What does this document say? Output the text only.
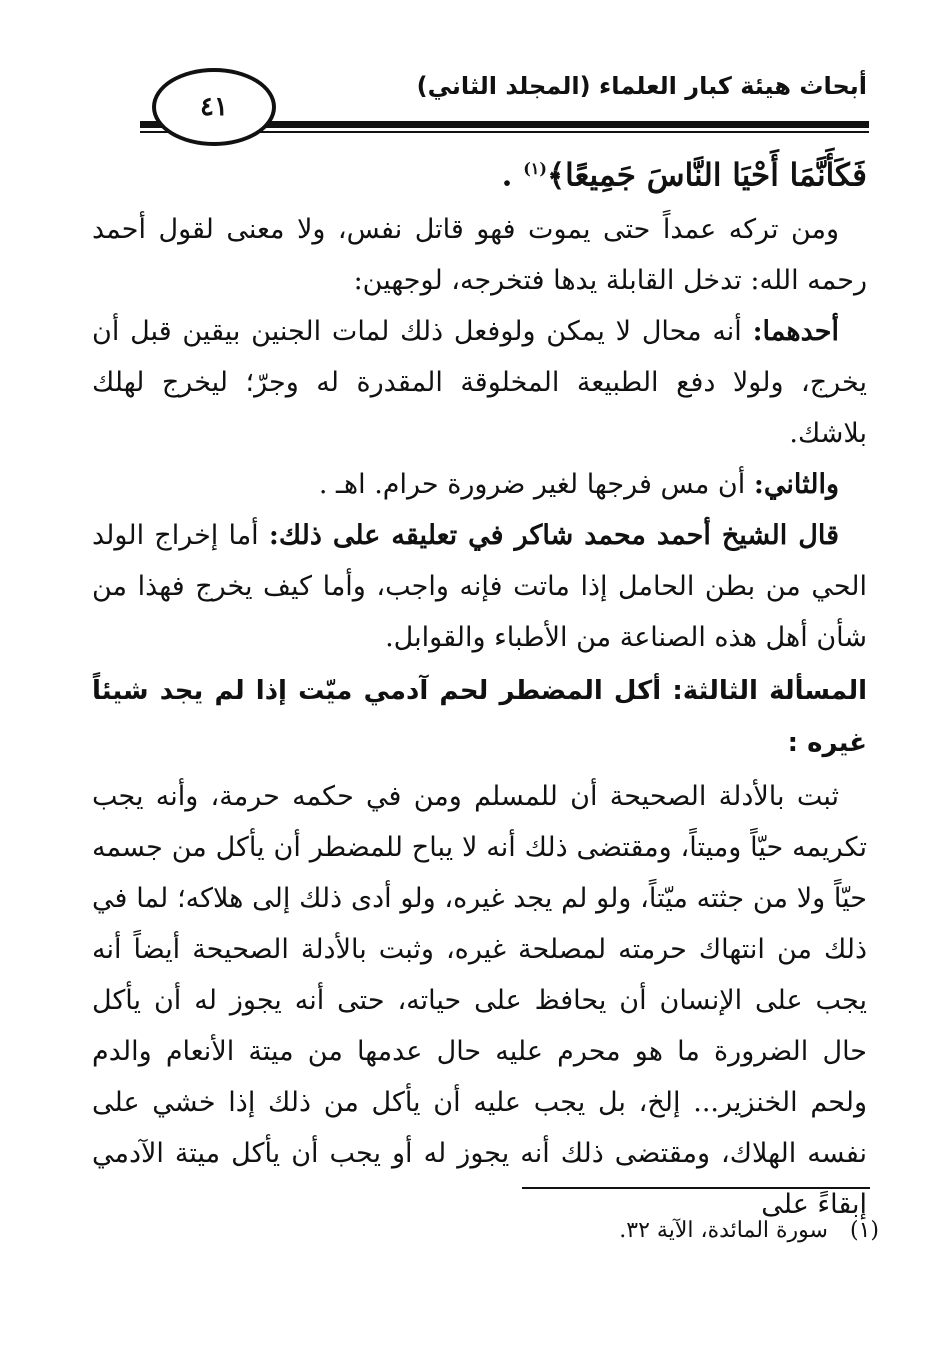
٤١
أبحاث هيئة كبار العلماء (المجلد الثاني)

فَكَأَنَّمَا أَحْيَا النَّاسَ جَمِيعًا﴾$^{(١)}$ .

ومن تركه عمداً حتى يموت فهو قاتل نفس، ولا معنى لقول أحمد رحمه الله: تدخل القابلة يدها فتخرجه، لوجهين:

أحدهما: أنه محال لا يمكن ولوفعل ذلك لمات الجنين بيقين قبل أن يخرج، ولولا دفع الطبيعة المخلوقة المقدرة له وجرّ؛ ليخرج لهلك بلاشك.

والثاني: أن مس فرجها لغير ضرورة حرام. اهـ .

قال الشيخ أحمد محمد شاكر في تعليقه على ذلك: أما إخراج الولد الحي من بطن الحامل إذا ماتت فإنه واجب، وأما كيف يخرج فهذا من شأن أهل هذه الصناعة من الأطباء والقوابل.

المسألة الثالثة: أكل المضطر لحم آدمي ميّت إذا لم يجد شيئاً غيره :

ثبت بالأدلة الصحيحة أن للمسلم ومن في حكمه حرمة، وأنه يجب تكريمه حيّاً وميتاً، ومقتضى ذلك أنه لا يباح للمضطر أن يأكل من جسمه حيّاً ولا من جثته ميّتاً، ولو لم يجد غيره، ولو أدى ذلك إلى هلاكه؛ لما في ذلك من انتهاك حرمته لمصلحة غيره، وثبت بالأدلة الصحيحة أيضاً أنه يجب على الإنسان أن يحافظ على حياته، حتى أنه يجوز له أن يأكل حال الضرورة ما هو محرم عليه حال عدمها من ميتة الأنعام والدم ولحم الخنزير... إلخ، بل يجب عليه أن يأكل من ذلك إذا خشي على نفسه الهلاك، ومقتضى ذلك أنه يجوز له أو يجب أن يأكل ميتة الآدمي إبقاءً على

(١)سورة المائدة، الآية ٣٢.
